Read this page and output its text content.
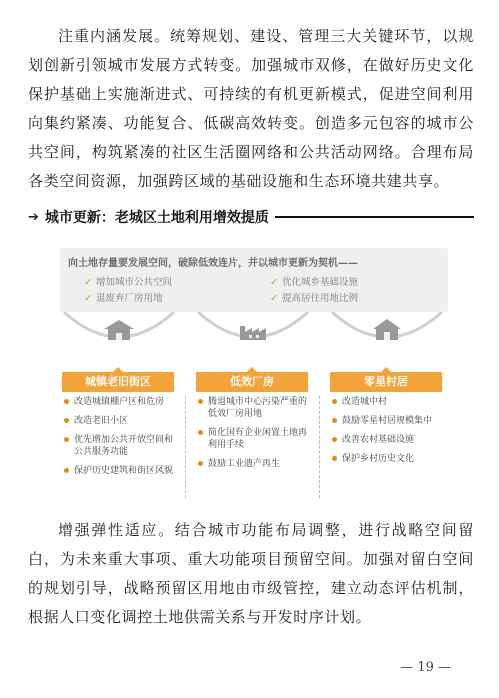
注重内涵发展。统筹规划、建设、管理三大关键环节，以规划创新引领城市发展方式转变。加强城市双修，在做好历史文化保护基础上实施渐进式、可持续的有机更新模式，促进空间利用向集约紧凑、功能复合、低碳高效转变。创造多元包容的城市公共空间，构筑紧凑的社区生活圈网络和公共活动网络。合理布局各类空间资源，加强跨区域的基础设施和生态环境共建共享。
➔ 城市更新：老城区土地利用增效提质
向土地存量要发展空间，破除低效连片，并以城市更新为契机——
✓ 增加城市公共空间	✓ 优化城乡基础设施
✓ 退废弃厂房用地	✓ 提高居住用地比例
城镇老旧街区	低效厂房	零星村居
改造城镇棚户区和危房
改造老旧小区
优先增加公共开放空间和公共服务功能
保护历史建筑和街区风貌
腾退城市中心污染严重的低效厂房用地
简化国有企业闲置土地再利用手续
鼓励工业遗产再生
改造城中村
鼓励零星村居规模集中
改善农村基础设施
保护乡村历史文化
增强弹性适应。结合城市功能布局调整，进行战略空间留白，为未来重大事项、重大功能项目预留空间。加强对留白空间的规划引导，战略预留区用地由市级管控，建立动态评估机制，根据人口变化调控土地供需关系与开发时序计划。
— 19 —
